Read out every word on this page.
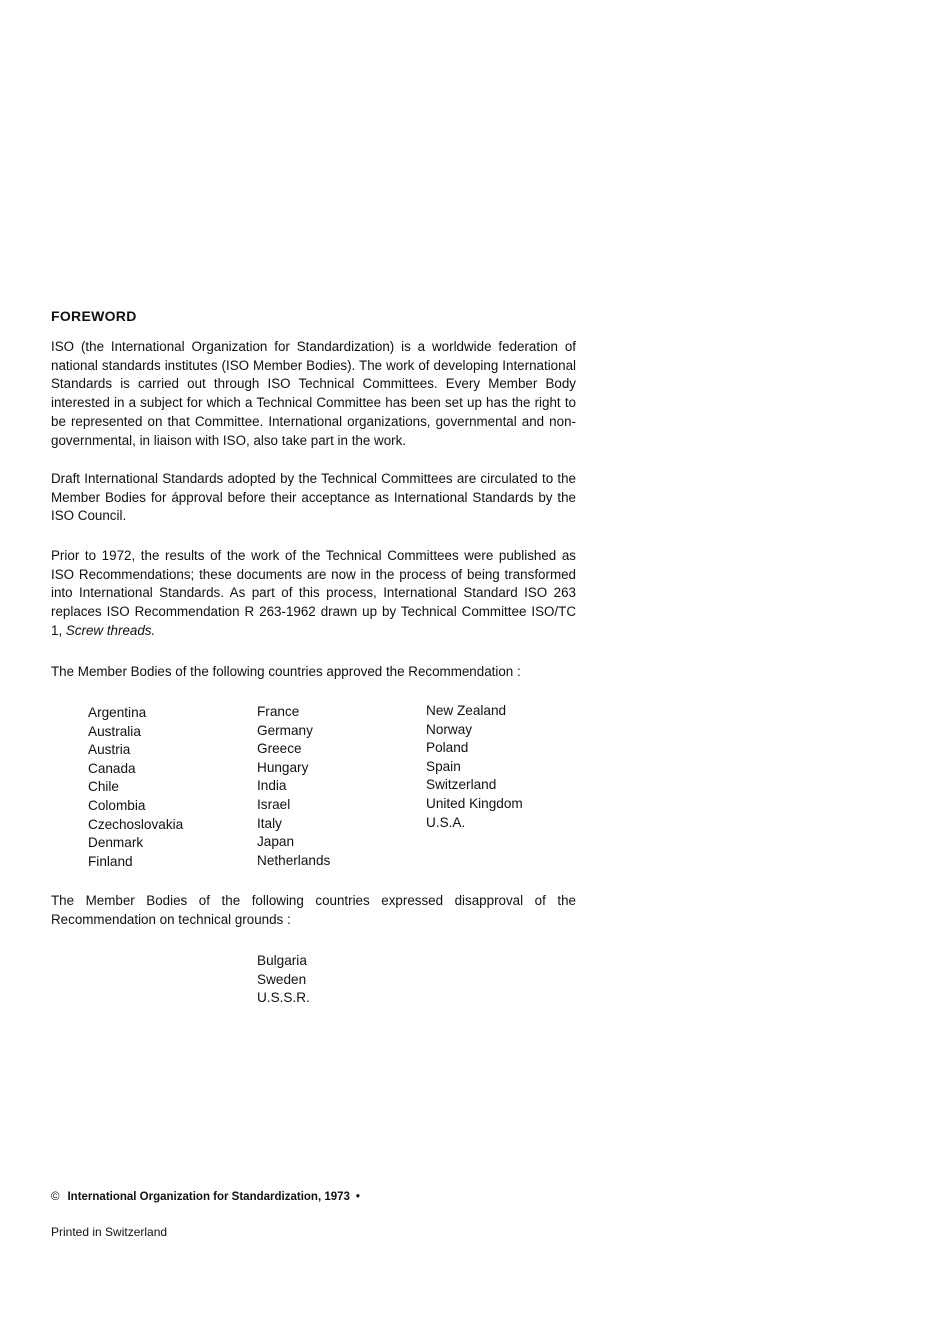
FOREWORD

ISO (the International Organization for Standardization) is a worldwide federation of national standards institutes (ISO Member Bodies). The work of developing International Standards is carried out through ISO Technical Committees. Every Member Body interested in a subject for which a Technical Committee has been set up has the right to be represented on that Committee. International organizations, governmental and non-governmental, in liaison with ISO, also take part in the work.

Draft International Standards adopted by the Technical Committees are circulated to the Member Bodies for ápproval before their acceptance as International Standards by the ISO Council.

Prior to 1972, the results of the work of the Technical Committees were published as ISO Recommendations; these documents are now in the process of being transformed into International Standards. As part of this process, International Standard ISO 263 replaces ISO Recommendation R 263-1962 drawn up by Technical Committee ISO/TC 1, Screw threads.

The Member Bodies of the following countries approved the Recommendation :

Argentina
Australia
Austria
Canada
Chile
Colombia
Czechoslovakia
Denmark
Finland
France
Germany
Greece
Hungary
India
Israel
Italy
Japan
Netherlands
New Zealand
Norway
Poland
Spain
Switzerland
United Kingdom
U.S.A.

The Member Bodies of the following countries expressed disapproval of the Recommendation on technical grounds :

Bulgaria
Sweden
U.S.S.R.
© International Organization for Standardization, 1973 •
Printed in Switzerland
